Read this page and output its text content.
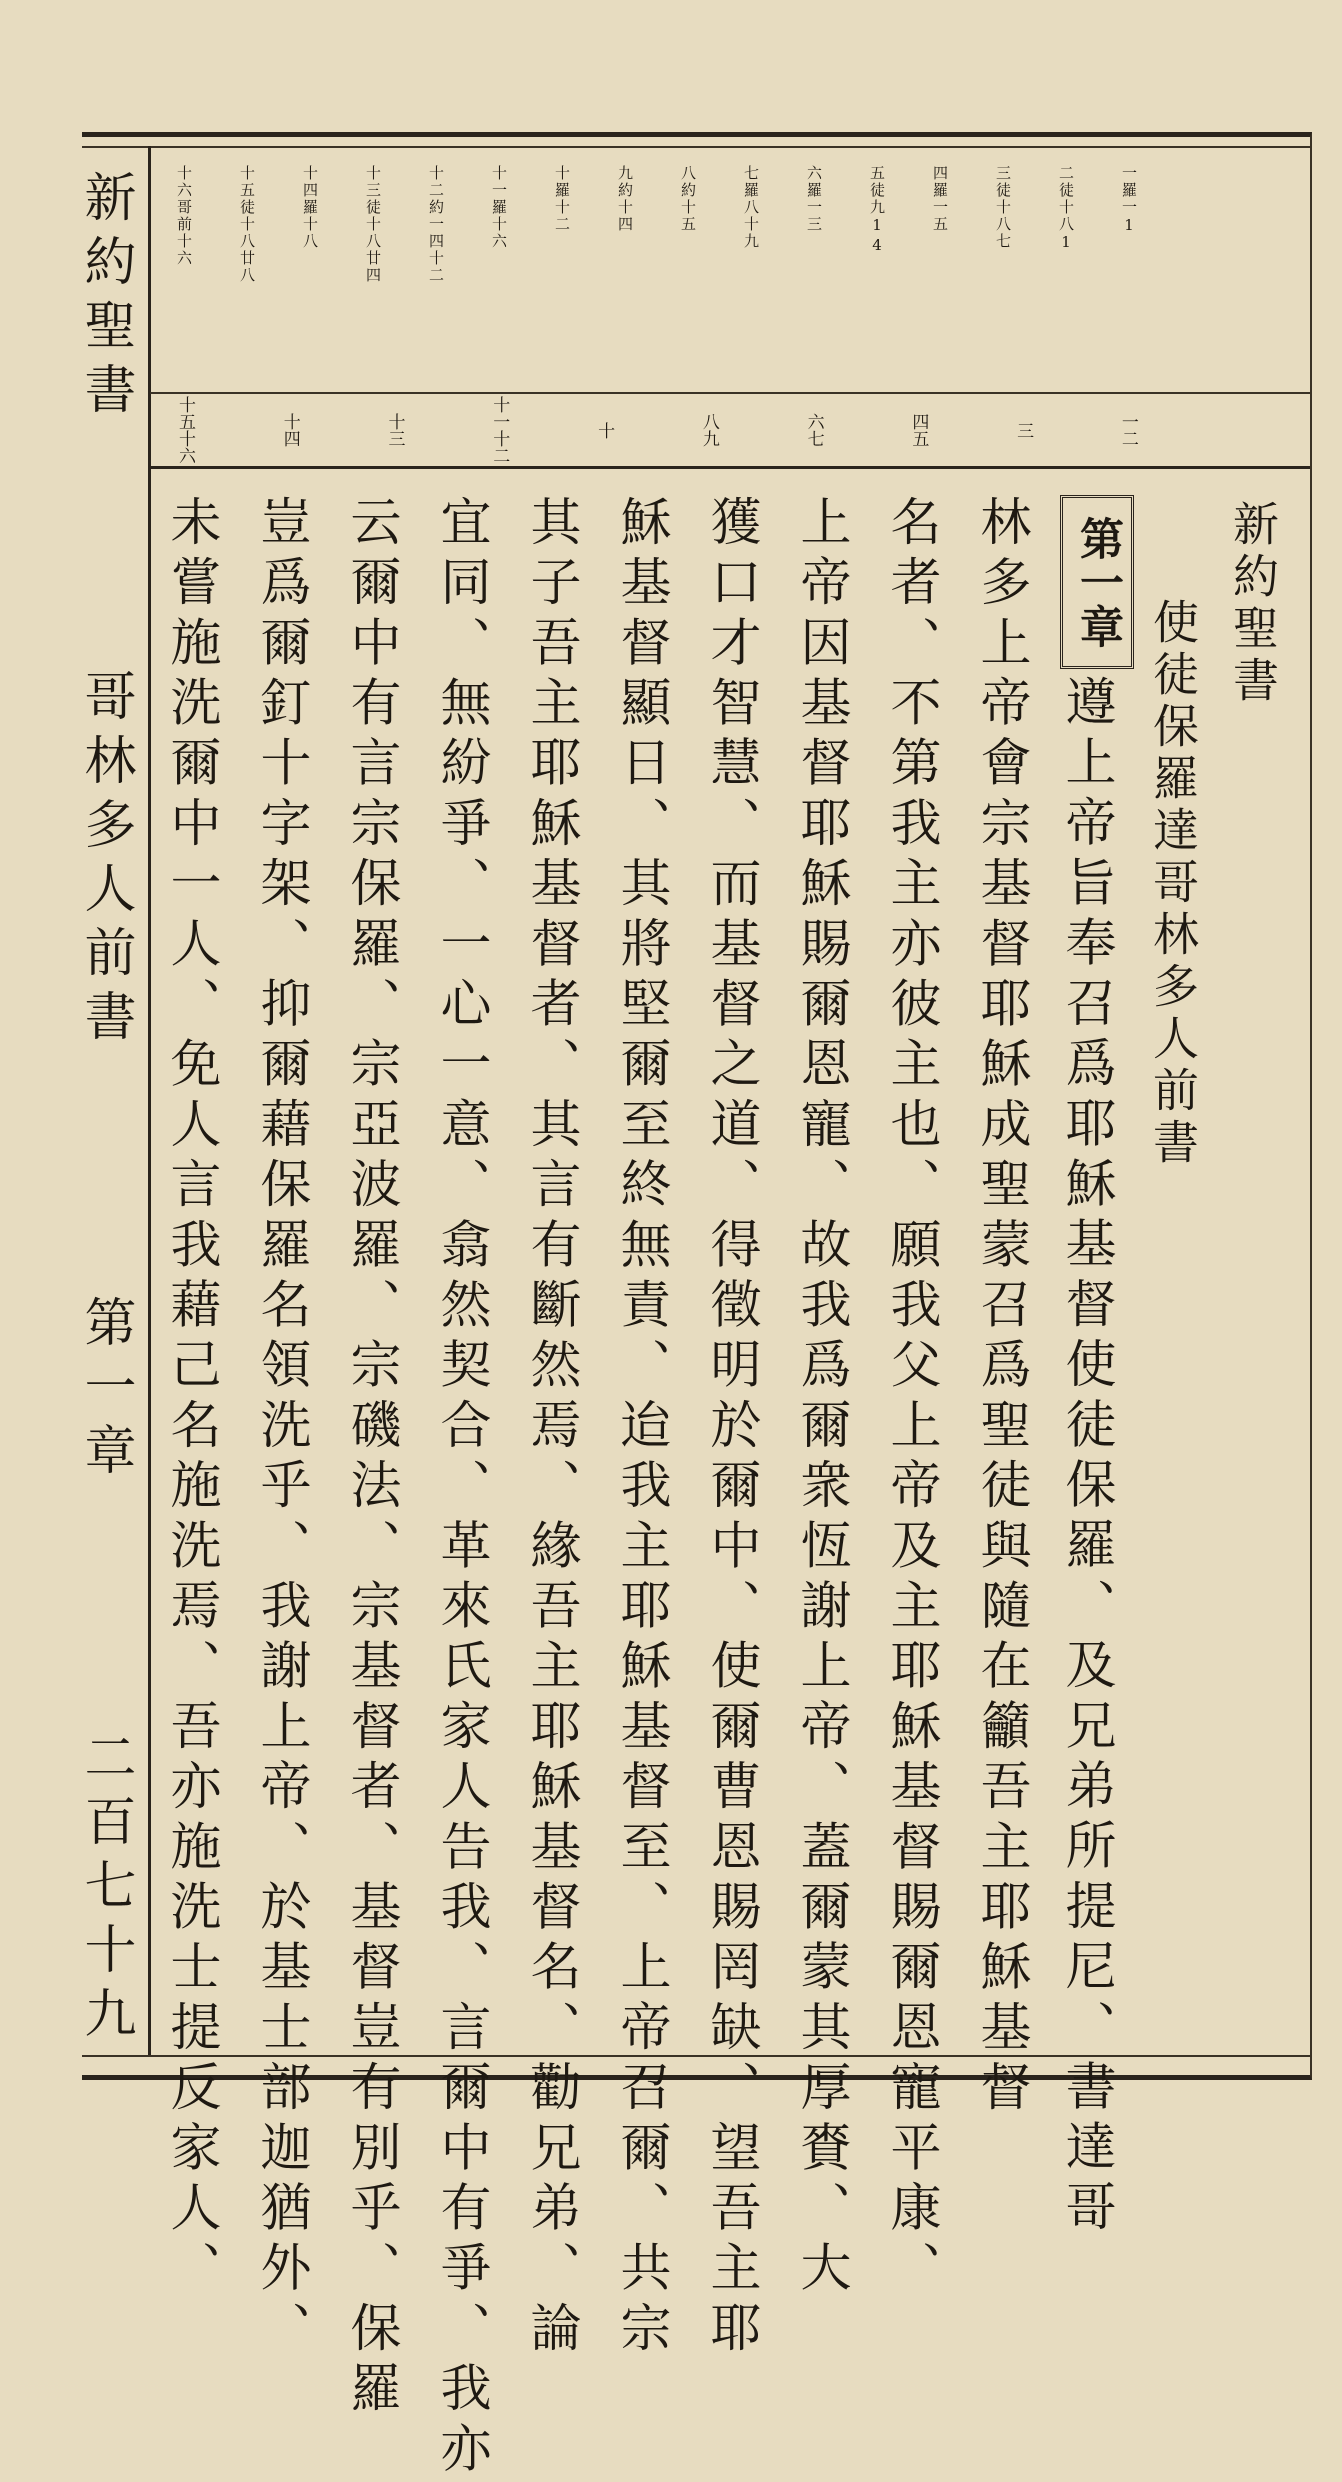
新約聖書
哥林多人前書
第一章
二百七十九
一羅一1
二徒十八1
三徒十八七
四羅一五
五徒九14
六羅一三
七羅八十九
八約十五
九約十四
十羅十二
十一羅十六
十二約一四十二
十三徒十八廿四
十四羅十八
十五徒十八廿八
十六哥前十六
一二
三
四五
六七
八九
十
十一十二
十三
十四
十五十六
新約聖書
使徒保羅達哥林多人前書
第一章
遵上帝旨奉召爲耶穌基督使徒保羅、及兄弟所提尼、書達哥
林多上帝會宗基督耶穌成聖蒙召爲聖徒與隨在籲吾主耶穌基督
名者、不第我主亦彼主也、願我父上帝及主耶穌基督賜爾恩寵平康、
上帝因基督耶穌賜爾恩寵、故我爲爾衆恆謝上帝、蓋爾蒙其厚賚、大
獲口才智慧、而基督之道、得徵明於爾中、使爾曹恩賜罔缺、望吾主耶
穌基督顯日、其將堅爾至終無責、迨我主耶穌基督至、上帝召爾、共宗
其子吾主耶穌基督者、其言有斷然焉、緣吾主耶穌基督名、勸兄弟、論
宜同、無紛爭、一心一意、翕然契合、革來氏家人告我、言爾中有爭、我亦
云爾中有言宗保羅、宗亞波羅、宗磯法、宗基督者、基督豈有別乎、保羅
豈爲爾釘十字架、抑爾藉保羅名領洗乎、我謝上帝、於基士部迦猶外、
未嘗施洗爾中一人、免人言我藉己名施洗焉、吾亦施洗士提反家人、
